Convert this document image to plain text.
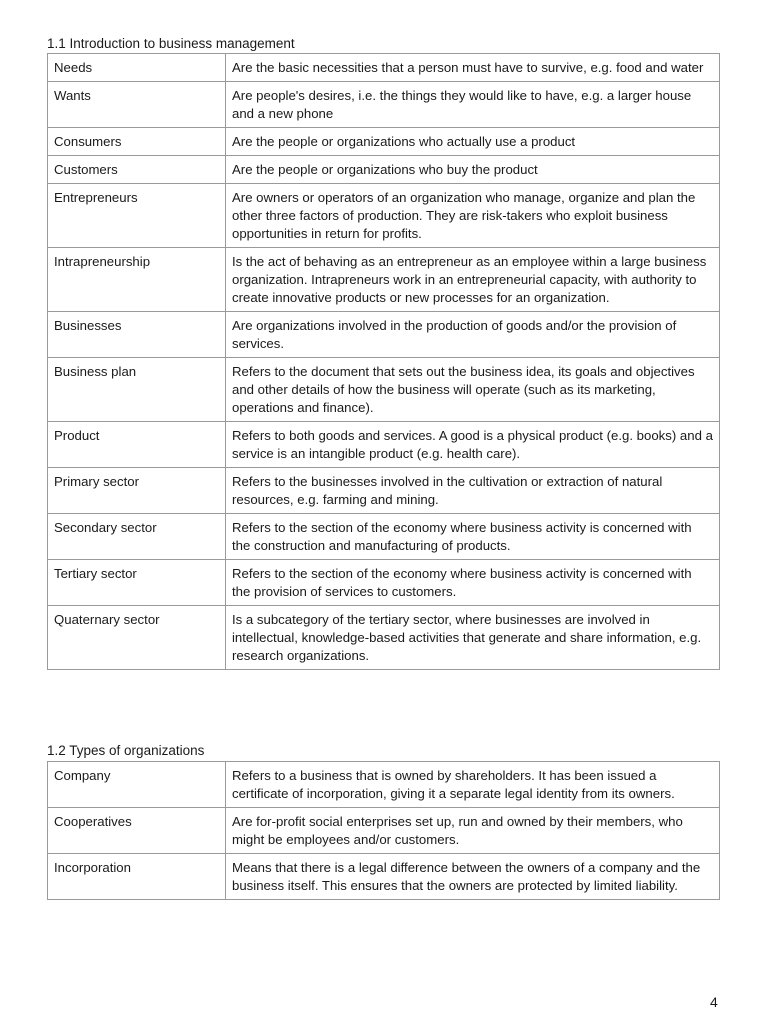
1.1 Introduction to business management
Needs	Are the basic necessities that a person must have to survive, e.g. food and water
Wants	Are people's desires, i.e. the things they would like to have, e.g. a larger house and a new phone
Consumers	Are the people or organizations who actually use a product
Customers	Are the people or organizations who buy the product
Entrepreneurs	Are owners or operators of an organization who manage, organize and plan the other three factors of production. They are risk-takers who exploit business opportunities in return for profits.
Intrapreneurship	Is the act of behaving as an entrepreneur as an employee within a large business organization. Intrapreneurs work in an entrepreneurial capacity, with authority to create innovative products or new processes for an organization.
Businesses	Are organizations involved in the production of goods and/or the provision of services.
Business plan	Refers to the document that sets out the business idea, its goals and objectives and other details of how the business will operate (such as its marketing, operations and finance).
Product	Refers to both goods and services. A good is a physical product (e.g. books) and a service is an intangible product (e.g. health care).
Primary sector	Refers to the businesses involved in the cultivation or extraction of natural resources, e.g. farming and mining.
Secondary sector	Refers to the section of the economy where business activity is concerned with the construction and manufacturing of products.
Tertiary sector	Refers to the section of the economy where business activity is concerned with the provision of services to customers.
Quaternary sector	Is a subcategory of the tertiary sector, where businesses are involved in intellectual, knowledge-based activities that generate and share information, e.g. research organizations.
1.2 Types of organizations
Company	Refers to a business that is owned by shareholders. It has been issued a certificate of incorporation, giving it a separate legal identity from its owners.
Cooperatives	Are for-profit social enterprises set up, run and owned by their members, who might be employees and/or customers.
Incorporation	Means that there is a legal difference between the owners of a company and the business itself. This ensures that the owners are protected by limited liability.
4
